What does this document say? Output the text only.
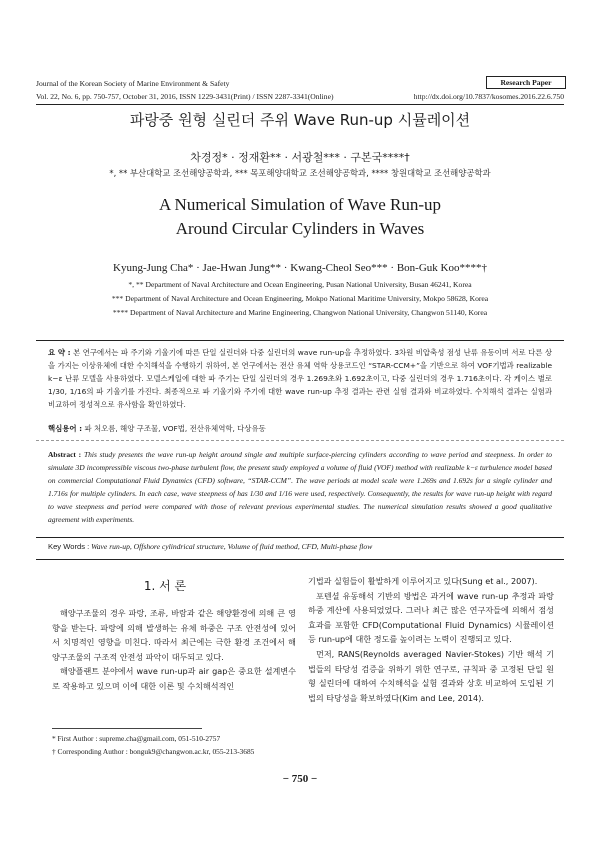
Journal of the Korean Society of Marine Environment & Safety	Research Paper
Vol. 22, No. 6, pp. 750-757, October 31, 2016, ISSN 1229-3431(Print) / ISSN 2287-3341(Online)	http://dx.doi.org/10.7837/kosomes.2016.22.6.750
파랑중 원형 실린더 주위 Wave Run-up 시뮬레이션
차경정* · 정재환** · 서광철*** · 구본국****†
*, ** 부산대학교 조선해양공학과, *** 목포해양대학교 조선해양공학과, **** 창원대학교 조선해양공학과
A Numerical Simulation of Wave Run-up
Around Circular Cylinders in Waves
Kyung-Jung Cha* · Jae-Hwan Jung** · Kwang-Cheol Seo*** · Bon-Guk Koo****†
*, ** Department of Naval Architecture and Ocean Engineering, Pusan National University, Busan 46241, Korea
*** Department of Naval Architecture and Ocean Engineering, Mokpo National Maritime University, Mokpo 58628, Korea
**** Department of Naval Architecture and Marine Engineering, Changwon National University, Changwon 51140, Korea
요 약 : 본 연구에서는 파 주기와 기울기에 따른 단일 실린더와 다중 실린더의 wave run-up을 추정하였다. 3차원 비압축성 점성 난류 유동이며 서로 다른 상을 가지는 이상유체에 대한 수치해석을 수행하기 위하여, 본 연구에서는 전산 유체 역학 상용코드인 “STAR-CCM+”을 기반으로 하여 VOF기법과 realizable k−ε 난류 모델을 사용하였다. 모델스케일에 대한 파 주기는 단일 실린더의 경우 1.269초와 1.692초이고, 다중 실린더의 경우 1.716초이다. 각 케이스 별로 1/30, 1/16의 파 기울기를 가진다. 최종적으로 파 기울기와 주기에 대한 wave run-up 추정 결과는 관련 실험 결과와 비교하였다. 수치해석 결과는 실험과 비교하여 정성적으로 유사함을 확인하였다.
핵심용어 : 파 처오름, 해양 구조물, VOF법, 전산유체역학, 다상유동
Abstract : This study presents the wave run-up height around single and multiple surface-piercing cylinders according to wave period and steepness. In order to simulate 3D incompressible viscous two-phase turbulent flow, the present study employed a volume of fluid (VOF) method with realizable k−ε turbulence model based on commercial Computational Fluid Dynamics (CFD) software, “STAR-CCM”. The wave periods at model scale were 1.269s and 1.692s for a single cylinder and 1.716s for multiple cylinders. In each case, wave steepness of has 1/30 and 1/16 were used, respectively. Consequently, the results for wave run-up height with regard to wave steepness and period were compared with those of relevant previous experimental studies. The numerical simulation results showed a good qualitative agreement with experiments.
Key Words : Wave run-up, Offshore cylindrical structure, Volume of fluid method, CFD, Multi-phase flow
1. 서 론

해양구조물의 경우 파랑, 조류, 바람과 같은 해양환경에 의해 큰 영향을 받는다. 파랑에 의해 발생하는 유체 하중은 구조 안전성에 있어서 치명적인 영향을 미친다. 따라서 최근에는 극한 환경 조건에서 해양구조물의 구조적 안전성 파악이 대두되고 있다.

해양플랜트 분야에서 wave run-up과 air gap은 중요한 설계변수로 작용하고 있으며 이에 대한 이론 및 수치해석적인

기법과 실험들이 활발하게 이루어지고 있다(Sung et al., 2007).

포텐셜 유동해석 기반의 방법은 과거에 wave run-up 추정과 파랑하중 계산에 사용되었었다. 그러나 최근 많은 연구자들에 의해서 점성 효과를 포함한 CFD(Computational Fluid Dynamics) 시뮬레이션 등 run-up에 대한 정도를 높이려는 노력이 진행되고 있다.

먼저, RANS(Reynolds averaged Navier-Stokes) 기반 해석 기법들의 타당성 검증을 위하기 위한 연구로, 규칙파 중 고정된 단일 원형 실린더에 대하여 수치해석을 실험 결과와 상호 비교하여 도입된 기법의 타당성을 확보하였다(Kim and Lee, 2014).

* First Author : supreme.cha@gmail.com, 051-510-2757
† Corresponding Author : bonguk9@changwon.ac.kr, 055-213-3685
− 750 −
